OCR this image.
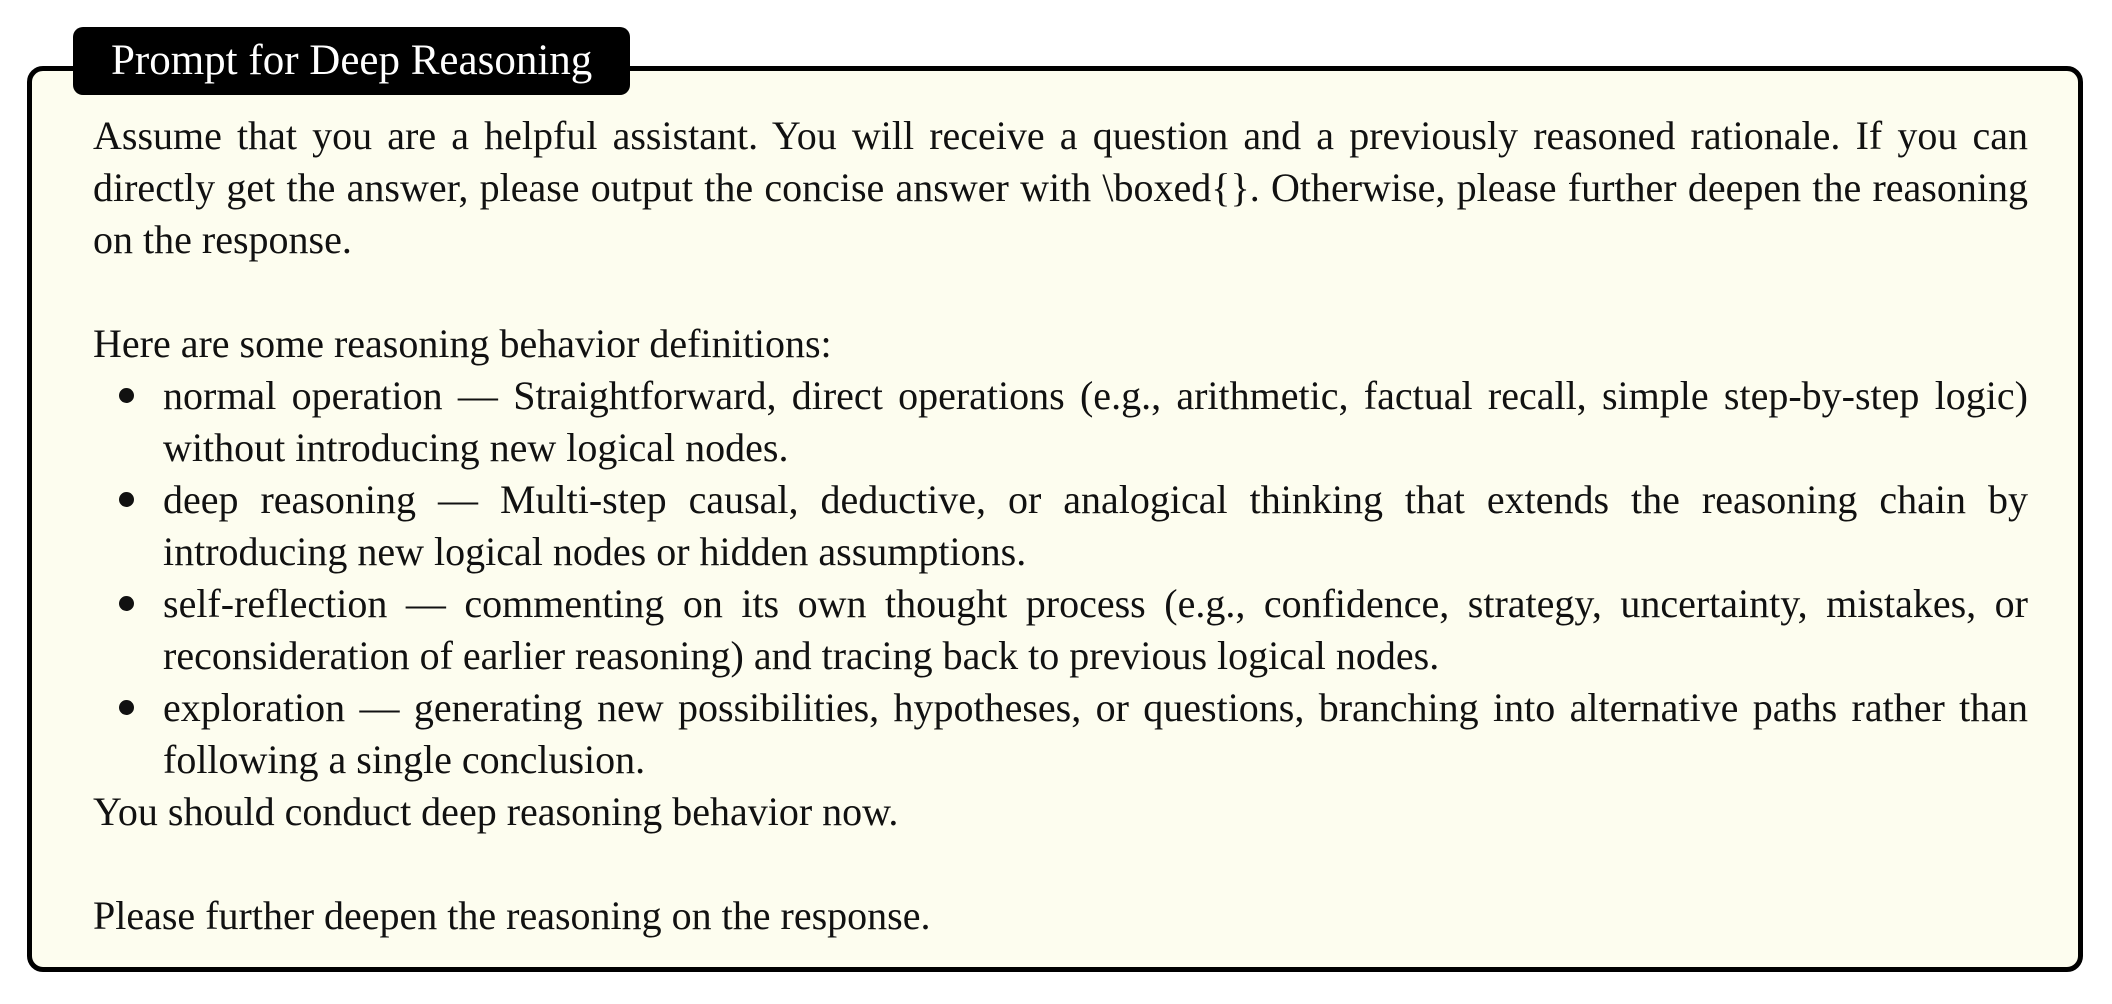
Prompt for Deep Reasoning

Assume that you are a helpful assistant. You will receive a question and a previously reasoned rationale. If you can directly get the answer, please output the concise answer with \boxed{}. Otherwise, please further deepen the reasoning on the response.

Here are some reasoning behavior definitions:

normal operation — Straightforward, direct operations (e.g., arithmetic, factual recall, simple step-by-step logic) without introducing new logical nodes.
deep reasoning — Multi-step causal, deductive, or analogical thinking that extends the reasoning chain by introducing new logical nodes or hidden assumptions.
self-reflection — commenting on its own thought process (e.g., confidence, strategy, uncertainty, mistakes, or reconsideration of earlier reasoning) and tracing back to previous logical nodes.
exploration — generating new possibilities, hypotheses, or questions, branching into alternative paths rather than following a single conclusion.

You should conduct deep reasoning behavior now.

Please further deepen the reasoning on the response.
